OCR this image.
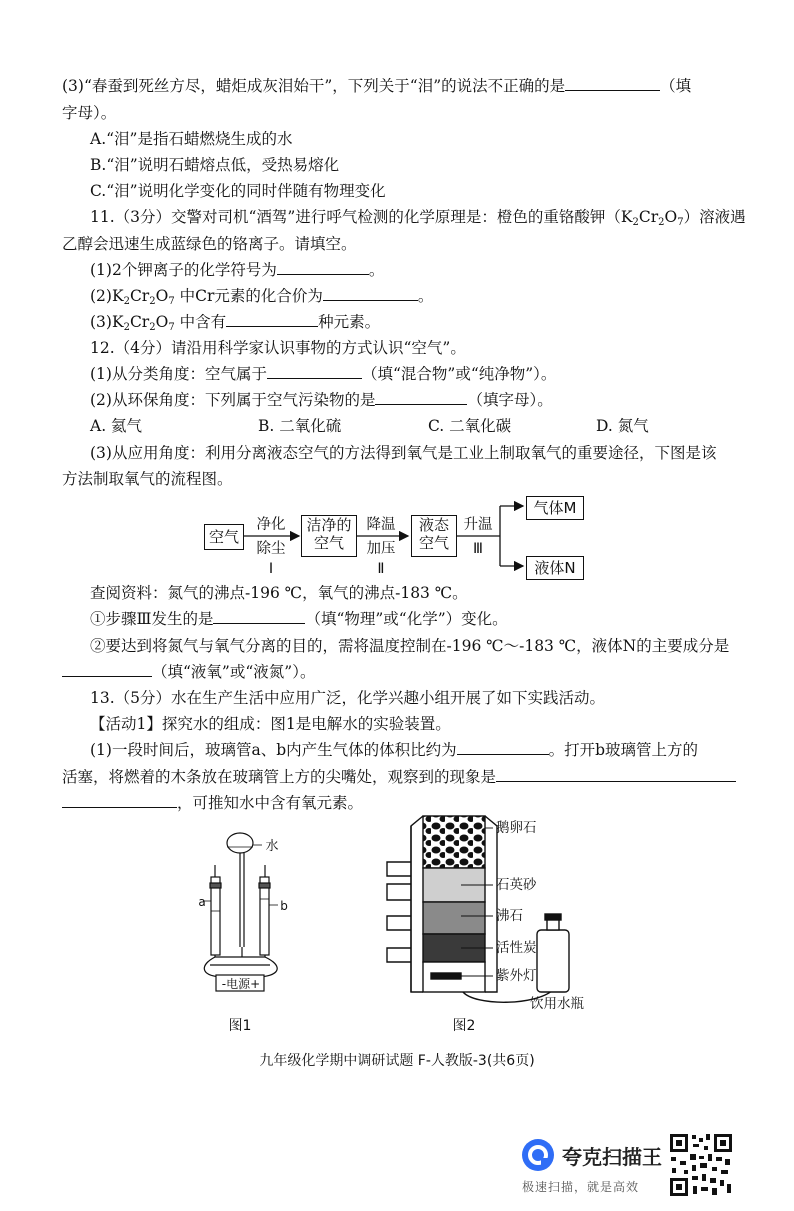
(3)“春蚕到死丝方尽，蜡炬成灰泪始干”，下列关于“泪”的说法不正确的是	（填
字母）。
A.“泪”是指石蜡燃烧生成的水
B.“泪”说明石蜡熔点低，受热易熔化
C.“泪”说明化学变化的同时伴随有物理变化
11.（3分）交警对司机“酒驾”进行呼气检测的化学原理是：橙色的重铬酸钾$(K_2Cr_2O_7)$溶液遇
乙醇会迅速生成蓝绿色的铬离子。请填空。
(1)2个钾离子的化学符号为	。
$(2)K_2Cr_2O_7$ 中Cr元素的化合价为	。
$(3)K_2Cr_2O_7$ 中含有	种元素。
12.（4分）请沿用科学家认识事物的方式认识“空气”。
(1)从分类角度：空气属于	（填“混合物”或“纯净物”）。
(2)从环保角度：下列属于空气污染物的是	（填字母）。
A. 氦气	B. 二氧化硫	C. 二氧化碳	D. 氮气
(3)从应用角度：利用分离液态空气的方法得到氧气是工业上制取氧气的重要途径，下图是该
方法制取氧气的流程图。
空气
净化
除尘
Ⅰ
洁净的
空气
降温
加压
Ⅱ
液态
空气
升温
Ⅲ
气体M
液体N
查阅资料：氮气的沸点-196 ℃，氧气的沸点-183 ℃。
①步骤Ⅲ发生的是	（填“物理”或“化学”）变化。
②要达到将氮气与氧气分离的目的，需将温度控制在-196 ℃～-183 ℃，液体N的主要成分是
（填“液氧”或“液氮”）。
13.（5分）水在生产生活中应用广泛，化学兴趣小组开展了如下实践活动。
【活动1】探究水的组成：图1是电解水的实验装置。
(1)一段时间后，玻璃管a、b内产生气体的体积比约为	。打开b玻璃管上方的
活塞，将燃着的木条放在玻璃管上方的尖嘴处，观察到的现象是
，可推知水中含有氧元素。
水
a	b
-电源+
图1
鹅卵石
石英砂
沸石
活性炭
紫外灯
饮用水瓶
图2
九年级化学期中调研试题 F-人教版-3(共6页)
夸克扫描王
极速扫描，就是高效
